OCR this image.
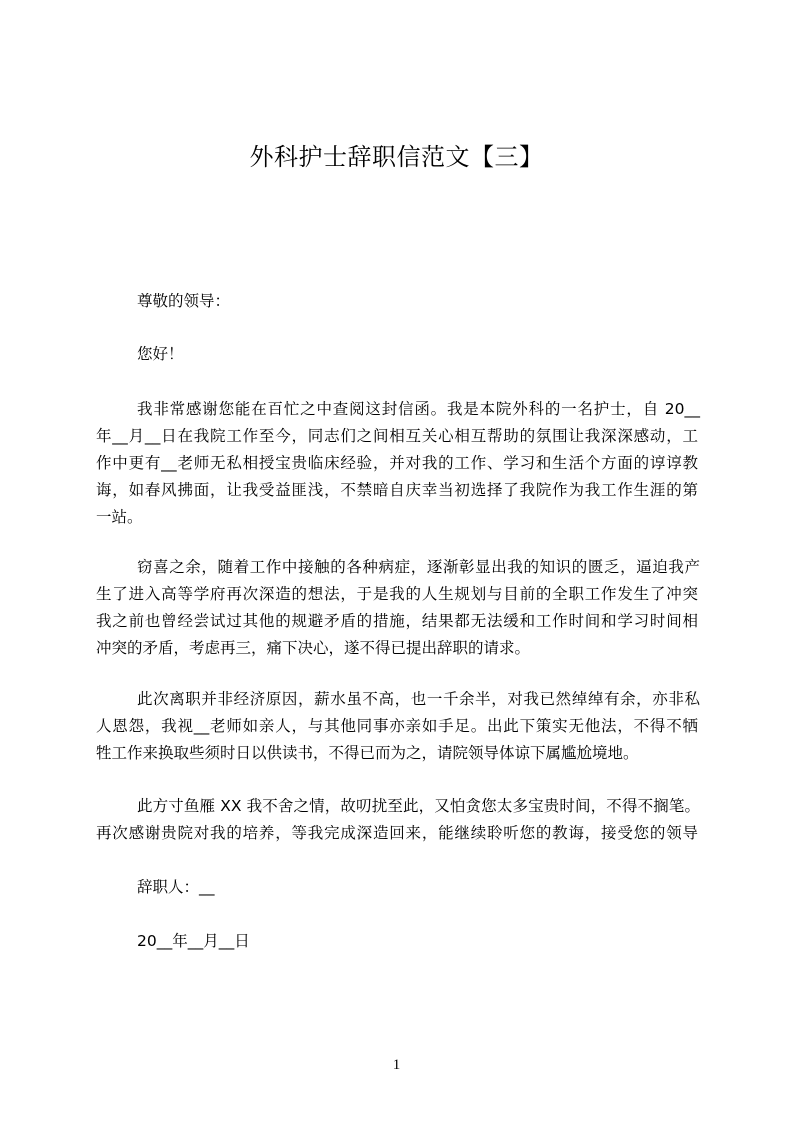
外科护士辞职信范文【三】
尊敬的领导：
您好！
我非常感谢您能在百忙之中查阅这封信函。我是本院外科的一名护士，自 20__
年__月__日在我院工作至今，同志们之间相互关心相互帮助的氛围让我深深感动，工
作中更有__老师无私相授宝贵临床经验，并对我的工作、学习和生活个方面的谆谆教
诲，如春风拂面，让我受益匪浅，不禁暗自庆幸当初选择了我院作为我工作生涯的第
一站。
窃喜之余，随着工作中接触的各种病症，逐渐彰显出我的知识的匮乏，逼迫我产
生了进入高等学府再次深造的想法，于是我的人生规划与目前的全职工作发生了冲突
我之前也曾经尝试过其他的规避矛盾的措施，结果都无法缓和工作时间和学习时间相
冲突的矛盾，考虑再三，痛下决心，遂不得已提出辞职的请求。
此次离职并非经济原因，薪水虽不高，也一千余半，对我已然绰绰有余，亦非私
人恩怨，我视__老师如亲人，与其他同事亦亲如手足。出此下策实无他法，不得不牺
牲工作来换取些须时日以供读书，不得已而为之，请院领导体谅下属尴尬境地。
此方寸鱼雁 XX 我不舍之情，故叨扰至此，又怕贪您太多宝贵时间，不得不搁笔。
再次感谢贵院对我的培养，等我完成深造回来，能继续聆听您的教诲，接受您的领导
辞职人：__
20__年__月__日
1
